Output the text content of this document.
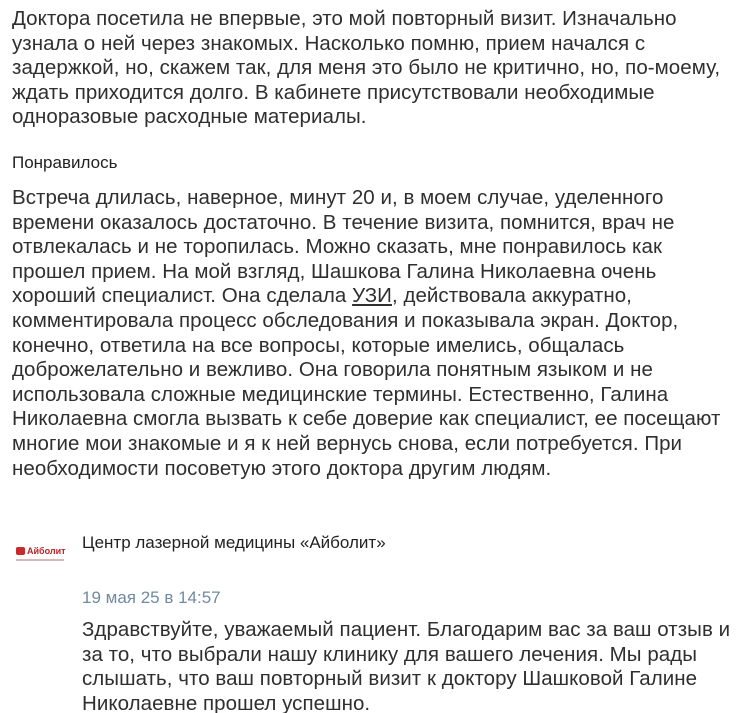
Доктора посетила не впервые, это мой повторный визит. Изначально узнала о ней через знакомых. Насколько помню, прием начался с задержкой, но, скажем так, для меня это было не критично, но, по-моему, ждать приходится долго. В кабинете присутствовали необходимые одноразовые расходные материалы.

Понравилось

Встреча длилась, наверное, минут 20 и, в моем случае, уделенного времени оказалось достаточно. В течение визита, помнится, врач не отвлекалась и не торопилась. Можно сказать, мне понравилось как прошел прием. На мой взгляд, Шашкова Галина Николаевна очень хороший специалист. Она сделала УЗИ, действовала аккуратно, комментировала процесс обследования и показывала экран. Доктор, конечно, ответила на все вопросы, которые имелись, общалась доброжелательно и вежливо. Она говорила понятным языком и не использовала сложные медицинские термины. Естественно, Галина Николаевна смогла вызвать к себе доверие как специалист, ее посещают многие мои знакомые и я к ней вернусь снова, если потребуется. При необходимости посоветую этого доктора другим людям.

Айболит Центр лазерной медицины «Айболит»

19 мая 25 в 14:57

Здравствуйте, уважаемый пациент. Благодарим вас за ваш отзыв и за то, что выбрали нашу клинику для вашего лечения. Мы рады слышать, что ваш повторный визит к доктору Шашковой Галине Николаевне прошел успешно.
